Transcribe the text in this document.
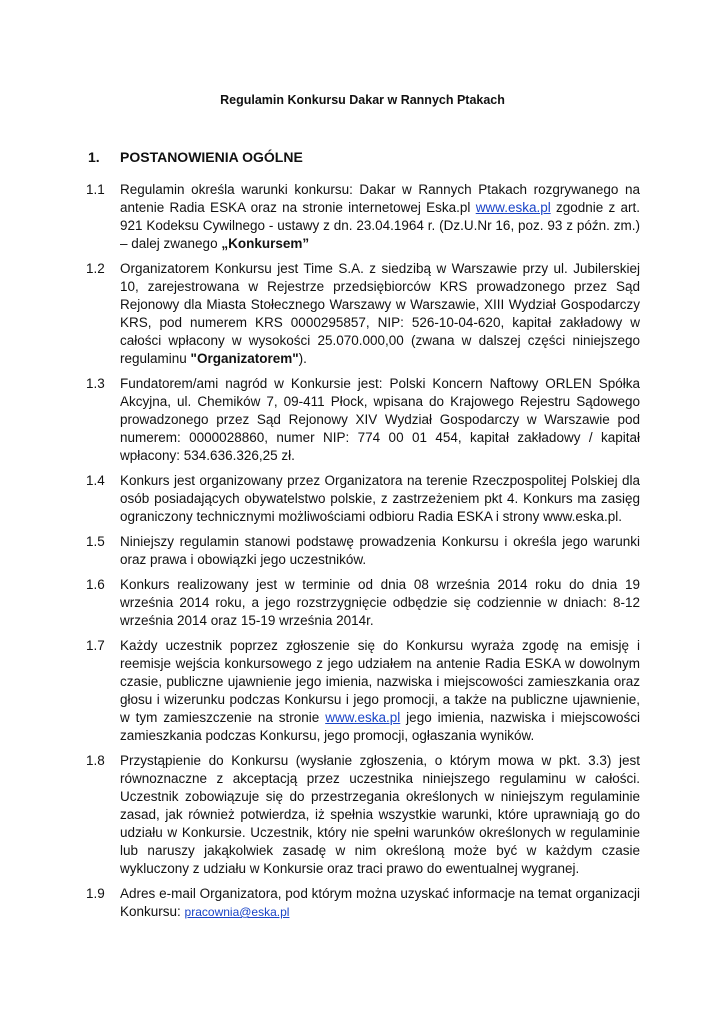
Regulamin Konkursu Dakar w Rannych Ptakach
1. POSTANOWIENIA OGÓLNE
1.1	Regulamin określa warunki konkursu: Dakar w Rannych Ptakach rozgrywanego na antenie Radia ESKA oraz na stronie internetowej Eska.pl www.eska.pl zgodnie z art. 921 Kodeksu Cywilnego - ustawy z dn. 23.04.1964 r. (Dz.U.Nr 16, poz. 93 z późn. zm.) – dalej zwanego „Konkursem”
1.2	Organizatorem Konkursu jest Time S.A. z siedzibą w Warszawie przy ul. Jubilerskiej 10, zarejestrowana w Rejestrze przedsiębiorców KRS prowadzonego przez Sąd Rejonowy dla Miasta Stołecznego Warszawy w Warszawie, XIII Wydział Gospodarczy KRS, pod numerem KRS 0000295857, NIP: 526-10-04-620, kapitał zakładowy w całości wpłacony w wysokości 25.070.000,00 (zwana w dalszej części niniejszego regulaminu "Organizatorem").
1.3	Fundatorem/ami nagród w Konkursie jest: Polski Koncern Naftowy ORLEN Spółka Akcyjna, ul. Chemików 7, 09-411 Płock, wpisana do Krajowego Rejestru Sądowego prowadzonego przez Sąd Rejonowy XIV Wydział Gospodarczy w Warszawie pod numerem: 0000028860, numer NIP: 774 00 01 454, kapitał zakładowy / kapitał wpłacony: 534.636.326,25 zł.
1.4	Konkurs jest organizowany przez Organizatora na terenie Rzeczpospolitej Polskiej dla osób posiadających obywatelstwo polskie, z zastrzeżeniem pkt 4. Konkurs ma zasięg ograniczony technicznymi możliwościami odbioru Radia ESKA i strony www.eska.pl.
1.5	Niniejszy regulamin stanowi podstawę prowadzenia Konkursu i określa jego warunki oraz prawa i obowiązki jego uczestników.
1.6	Konkurs realizowany jest w terminie od dnia 08 września 2014 roku do dnia 19 września 2014 roku, a jego rozstrzygnięcie odbędzie się codziennie w dniach: 8-12 września 2014 oraz 15-19 września 2014r.
1.7	Każdy uczestnik poprzez zgłoszenie się do Konkursu wyraża zgodę na emisję i reemisje wejścia konkursowego z jego udziałem na antenie Radia ESKA w dowolnym czasie, publiczne ujawnienie jego imienia, nazwiska i miejscowości zamieszkania oraz głosu i wizerunku podczas Konkursu i jego promocji, a także na publiczne ujawnienie, w tym zamieszczenie na stronie www.eska.pl jego imienia, nazwiska i miejscowości zamieszkania podczas Konkursu, jego promocji, ogłaszania wyników.
1.8	Przystąpienie do Konkursu (wysłanie zgłoszenia, o którym mowa w pkt. 3.3) jest równoznaczne z akceptacją przez uczestnika niniejszego regulaminu w całości. Uczestnik zobowiązuje się do przestrzegania określonych w niniejszym regulaminie zasad, jak również potwierdza, iż spełnia wszystkie warunki, które uprawniają go do udziału w Konkursie. Uczestnik, który nie spełni warunków określonych w regulaminie lub naruszy jakąkolwiek zasadę w nim określoną może być w każdym czasie wykluczony z udziału w Konkursie oraz traci prawo do ewentualnej wygranej.
1.9	Adres e-mail Organizatora, pod którym można uzyskać informacje na temat organizacji Konkursu: pracownia@eska.pl
